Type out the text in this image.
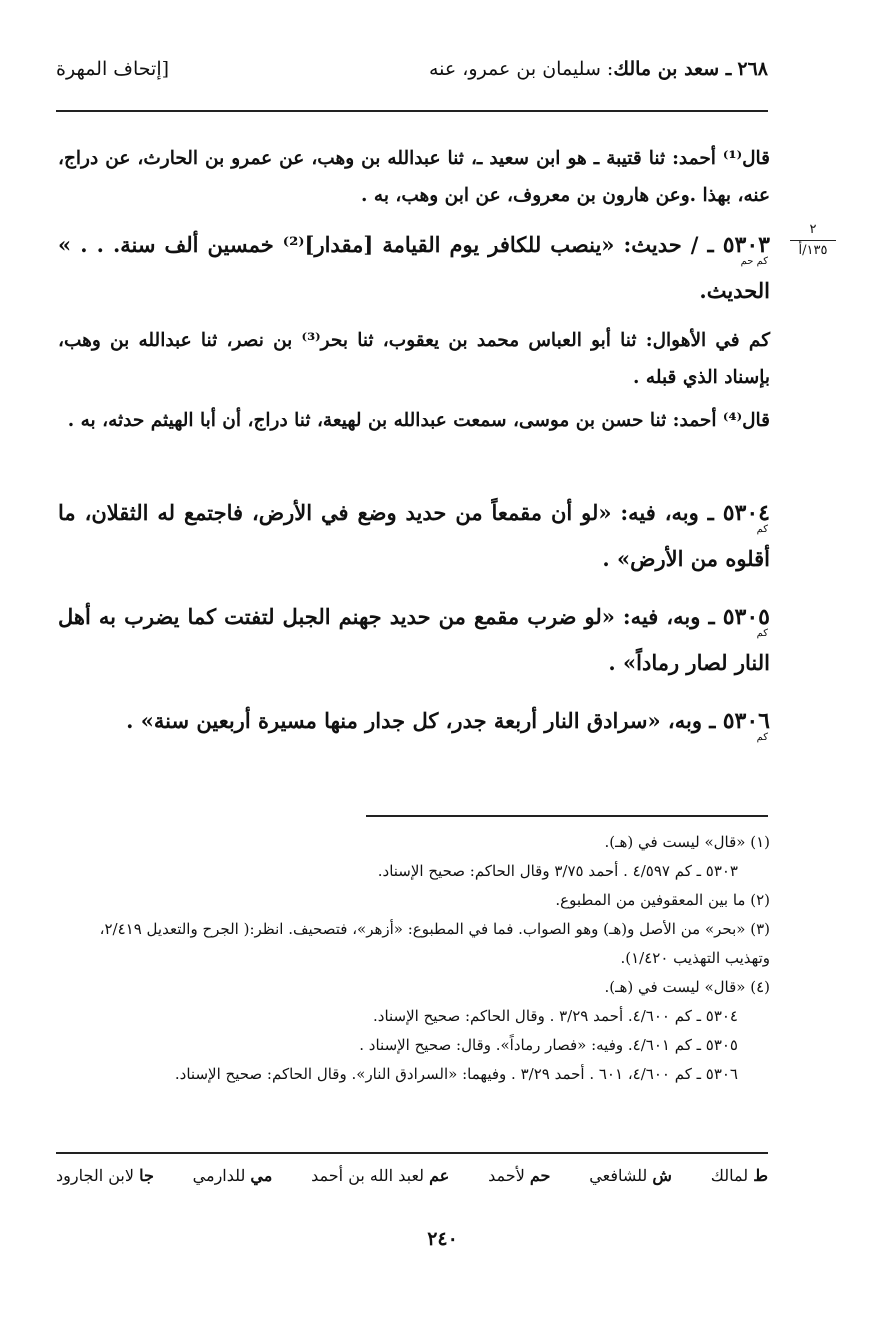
٢٦٨ ـ سعد بن مالك: سليمان بن عمرو، عنه
[إتحاف المهرة
٢
١٣٥/أ
قال⁽¹⁾ أحمد: ثنا قتيبة ـ هو ابن سعيد ـ، ثنا عبدالله بن وهب، عن عمرو بن الحارث، عن دراج، عنه، بهذا .وعن هارون بن معروف، عن ابن وهب، به .
٥٣٠٣ ـ / حديث: «ينصب للكافر يوم القيامة [مقدار]⁽²⁾ خمسين ألف سنة. . . » الحديث.
كم حم
كم في الأهوال: ثنا أبو العباس محمد بن يعقوب، ثنا بحر⁽³⁾ بن نصر، ثنا عبدالله بن وهب، بإسناد الذي قبله .
قال⁽⁴⁾ أحمد: ثنا حسن بن موسى، سمعت عبدالله بن لهيعة، ثنا دراج، أن أبا الهيثم حدثه، به .
٥٣٠٤ ـ وبه، فيه: «لو أن مقمعاً من حديد وضع في الأرض، فاجتمع له الثقلان، ما أقلوه من الأرض» .
كم
٥٣٠٥ ـ وبه، فيه: «لو ضرب مقمع من حديد جهنم الجبل لتفتت كما يضرب به أهل النار لصار رماداً» .
كم
٥٣٠٦ ـ وبه، «سرادق النار أربعة جدر، كل جدار منها مسيرة أربعين سنة» .
كم
(١) «قال» ليست في (هـ).
٥٣٠٣ ـ كم ٤/٥٩٧ . أحمد ٣/٧٥ وقال الحاكم: صحيح الإسناد.
(٢) ما بين المعقوفين من المطبوع.
(٣) «بحر» من الأصل و(هـ) وهو الصواب. فما في المطبوع: «أزهر»، فتصحيف. انظر:( الجرح والتعديل ٢/٤١٩، وتهذيب التهذيب ١/٤٢٠).
(٤) «قال» ليست في (هـ).
٥٣٠٤ ـ كم ٤/٦٠٠. أحمد ٣/٢٩ . وقال الحاكم: صحيح الإسناد.
٥٣٠٥ ـ كم ٤/٦٠١. وفيه: «فصار رماداً». وقال: صحيح الإسناد .
٥٣٠٦ ـ كم ٤/٦٠٠، ٦٠١ . أحمد ٣/٢٩ . وفيهما: «السرادق النار». وقال الحاكم: صحيح الإسناد.
ط لمالك
ش للشافعي
حم لأحمد
عم لعبد الله بن أحمد
مي للدارمي
جا لابن الجارود
٢٤٠
